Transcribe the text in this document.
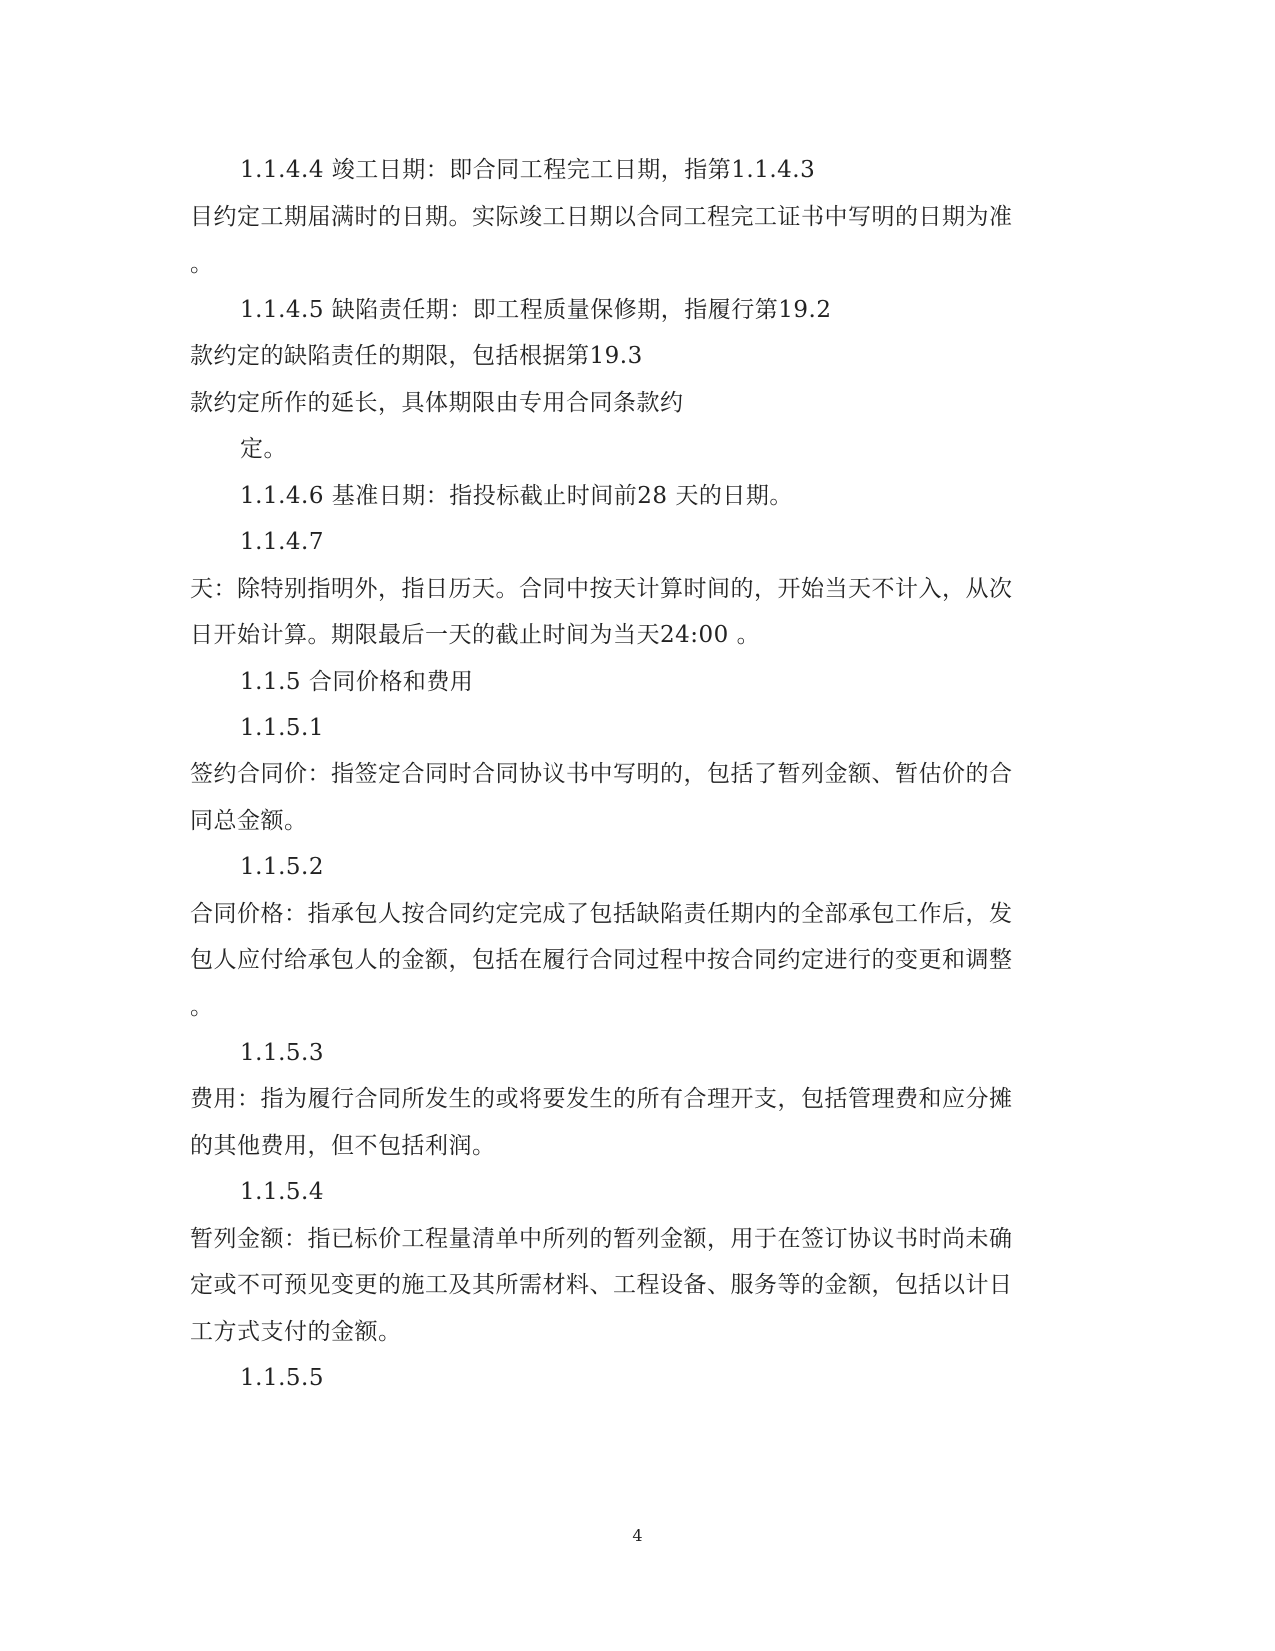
1.1.4.4 竣工日期：即合同工程完工日期，指第1.1.4.3
目约定工期届满时的日期。实际竣工日期以合同工程完工证书中写明的日期为准
。
1.1.4.5 缺陷责任期：即工程质量保修期，指履行第19.2
款约定的缺陷责任的期限，包括根据第19.3
款约定所作的延长，具体期限由专用合同条款约
定。
1.1.4.6 基准日期：指投标截止时间前28 天的日期。
1.1.4.7
天：除特别指明外，指日历天。合同中按天计算时间的，开始当天不计入，从次
日开始计算。期限最后一天的截止时间为当天24:00 。
1.1.5 合同价格和费用
1.1.5.1
签约合同价：指签定合同时合同协议书中写明的，包括了暂列金额、暂估价的合
同总金额。
1.1.5.2
合同价格：指承包人按合同约定完成了包括缺陷责任期内的全部承包工作后，发
包人应付给承包人的金额，包括在履行合同过程中按合同约定进行的变更和调整
。
1.1.5.3
费用：指为履行合同所发生的或将要发生的所有合理开支，包括管理费和应分摊
的其他费用，但不包括利润。
1.1.5.4
暂列金额：指已标价工程量清单中所列的暂列金额，用于在签订协议书时尚未确
定或不可预见变更的施工及其所需材料、工程设备、服务等的金额，包括以计日
工方式支付的金额。
1.1.5.5
4
